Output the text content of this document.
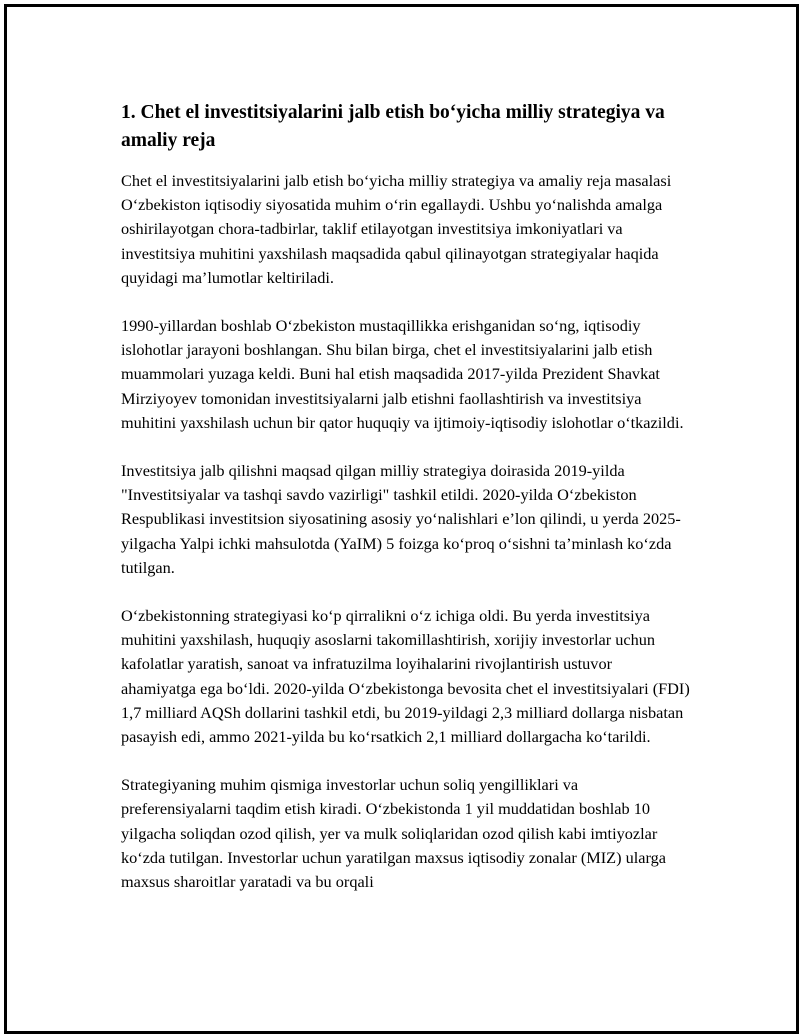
1. Chet el investitsiyalarini jalb etish bo‘yicha milliy strategiya va amaliy reja

Chet el investitsiyalarini jalb etish bo‘yicha milliy strategiya va amaliy reja masalasi O‘zbekiston iqtisodiy siyosatida muhim o‘rin egallaydi. Ushbu yo‘nalishda amalga oshirilayotgan chora-tadbirlar, taklif etilayotgan investitsiya imkoniyatlari va investitsiya muhitini yaxshilash maqsadida qabul qilinayotgan strategiyalar haqida quyidagi ma’lumotlar keltiriladi.

1990-yillardan boshlab O‘zbekiston mustaqillikka erishganidan so‘ng, iqtisodiy islohotlar jarayoni boshlangan. Shu bilan birga, chet el investitsiyalarini jalb etish muammolari yuzaga keldi. Buni hal etish maqsadida 2017-yilda Prezident Shavkat Mirziyoyev tomonidan investitsiyalarni jalb etishni faollashtirish va investitsiya muhitini yaxshilash uchun bir qator huquqiy va ijtimoiy-iqtisodiy islohotlar o‘tkazildi.

Investitsiya jalb qilishni maqsad qilgan milliy strategiya doirasida 2019-yilda "Investitsiyalar va tashqi savdo vazirligi" tashkil etildi. 2020-yilda O‘zbekiston Respublikasi investitsion siyosatining asosiy yo‘nalishlari e’lon qilindi, u yerda 2025-yilgacha Yalpi ichki mahsulotda (YaIM) 5 foizga ko‘proq o‘sishni ta’minlash ko‘zda tutilgan.

O‘zbekistonning strategiyasi ko‘p qirralikni o‘z ichiga oldi. Bu yerda investitsiya muhitini yaxshilash, huquqiy asoslarni takomillashtirish, xorijiy investorlar uchun kafolatlar yaratish, sanoat va infratuzilma loyihalarini rivojlantirish ustuvor ahamiyatga ega bo‘ldi. 2020-yilda O‘zbekistonga bevosita chet el investitsiyalari (FDI) 1,7 milliard AQSh dollarini tashkil etdi, bu 2019-yildagi 2,3 milliard dollarga nisbatan pasayish edi, ammo 2021-yilda bu ko‘rsatkich 2,1 milliard dollargacha ko‘tarildi.

Strategiyaning muhim qismiga investorlar uchun soliq yengilliklari va preferensiyalarni taqdim etish kiradi. O‘zbekistonda 1 yil muddatidan boshlab 10 yilgacha soliqdan ozod qilish, yer va mulk soliqlaridan ozod qilish kabi imtiyozlar ko‘zda tutilgan. Investorlar uchun yaratilgan maxsus iqtisodiy zonalar (MIZ) ularga maxsus sharoitlar yaratadi va bu orqali
